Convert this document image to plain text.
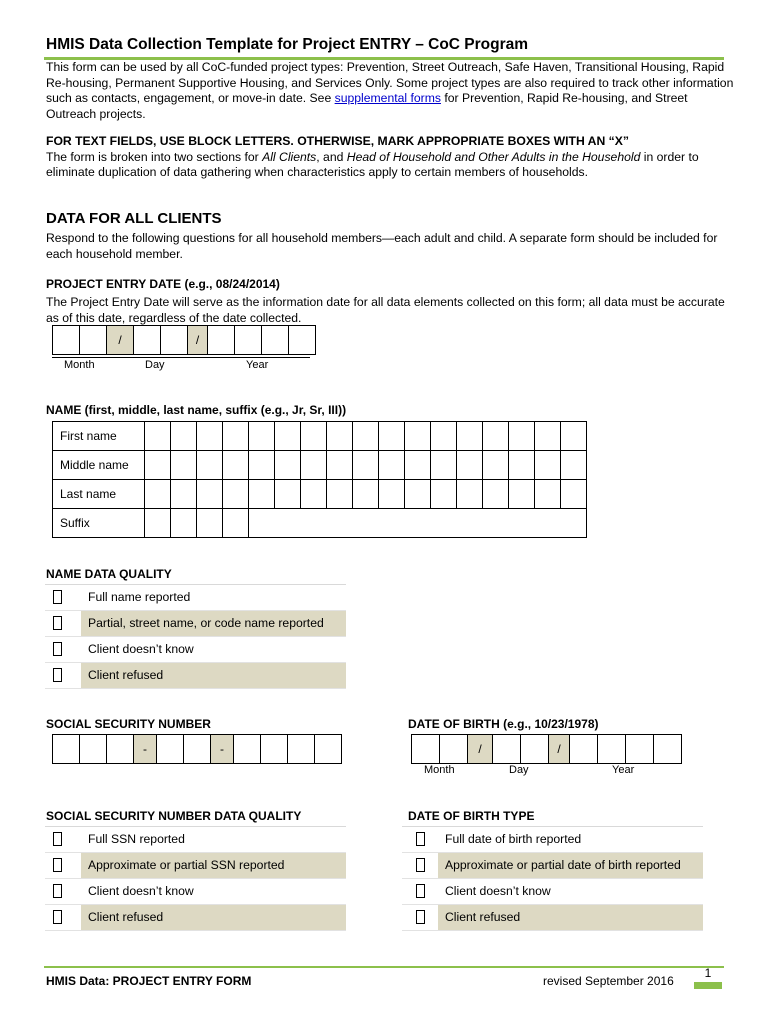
HMIS Data Collection Template for Project ENTRY – CoC Program
This form can be used by all CoC-funded project types: Prevention, Street Outreach, Safe Haven, Transitional Housing, Rapid Re-housing, Permanent Supportive Housing, and Services Only. Some project types are also required to track other information such as contacts, engagement, or move-in date. See supplemental forms for Prevention, Rapid Re-housing, and Street Outreach projects.
FOR TEXT FIELDS, USE BLOCK LETTERS. OTHERWISE, MARK APPROPRIATE BOXES WITH AN “X”
The form is broken into two sections for All Clients, and Head of Household and Other Adults in the Household in order to eliminate duplication of data gathering when characteristics apply to certain members of households.
DATA FOR ALL CLIENTS
Respond to the following questions for all household members—each adult and child. A separate form should be included for each household member.
PROJECT ENTRY DATE (e.g., 08/24/2014)
The Project Entry Date will serve as the information date for all data elements collected on this form; all data must be accurate as of this date, regardless of the date collected.
		/			/				
Month	Day	Year
NAME (first, middle, last name, suffix (e.g., Jr, Sr, III))
First name																	
Middle name																	
Last name																	
Suffix																	
NAME DATA QUALITY
Full name reported
Partial, street name, or code name reported
Client doesn’t know
Client refused
SOCIAL SECURITY NUMBER
			-			-				
DATE OF BIRTH (e.g., 10/23/1978)
		/			/				
Month	Day	Year
SOCIAL SECURITY NUMBER DATA QUALITY
Full SSN reported
Approximate or partial SSN reported
Client doesn’t know
Client refused
DATE OF BIRTH TYPE
Full date of birth reported
Approximate or partial date of birth reported
Client doesn’t know
Client refused
HMIS Data: PROJECT ENTRY FORM	revised September 2016
1
